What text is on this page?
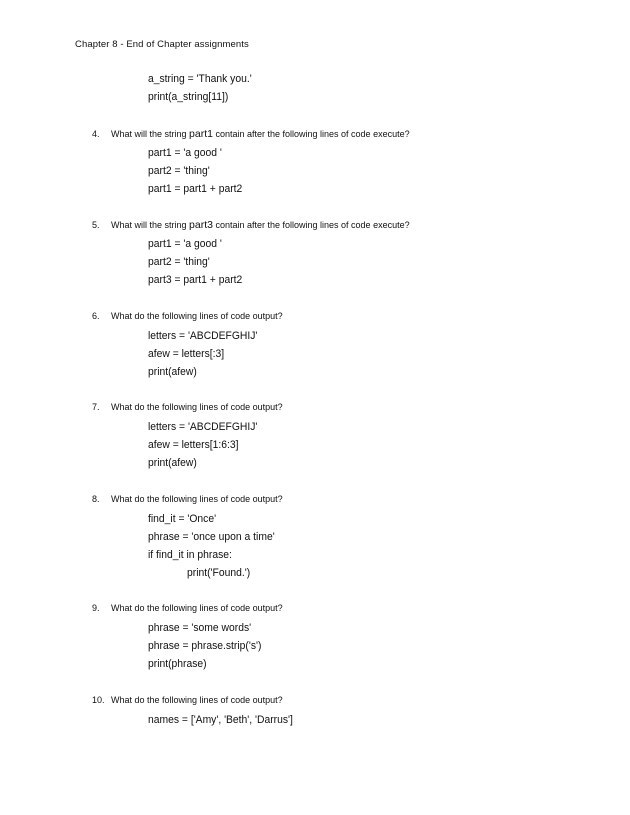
Chapter 8 - End of Chapter assignments
a_string = 'Thank you.'
print(a_string[11])
4. What will the string part1 contain after the following lines of code execute?
part1 = 'a good '
part2 = 'thing'
part1 = part1 + part2
5. What will the string part3 contain after the following lines of code execute?
part1 = 'a good '
part2 = 'thing'
part3 = part1 + part2
6. What do the following lines of code output?
letters = 'ABCDEFGHIJ'
afew = letters[:3]
print(afew)
7. What do the following lines of code output?
letters = 'ABCDEFGHIJ'
afew = letters[1:6:3]
print(afew)
8. What do the following lines of code output?
find_it = 'Once'
phrase = 'once upon a time'
if find_it in phrase:
print('Found.')
9. What do the following lines of code output?
phrase = 'some words'
phrase = phrase.strip('s')
print(phrase)
10. What do the following lines of code output?
names = ['Amy', 'Beth', 'Darrus']
